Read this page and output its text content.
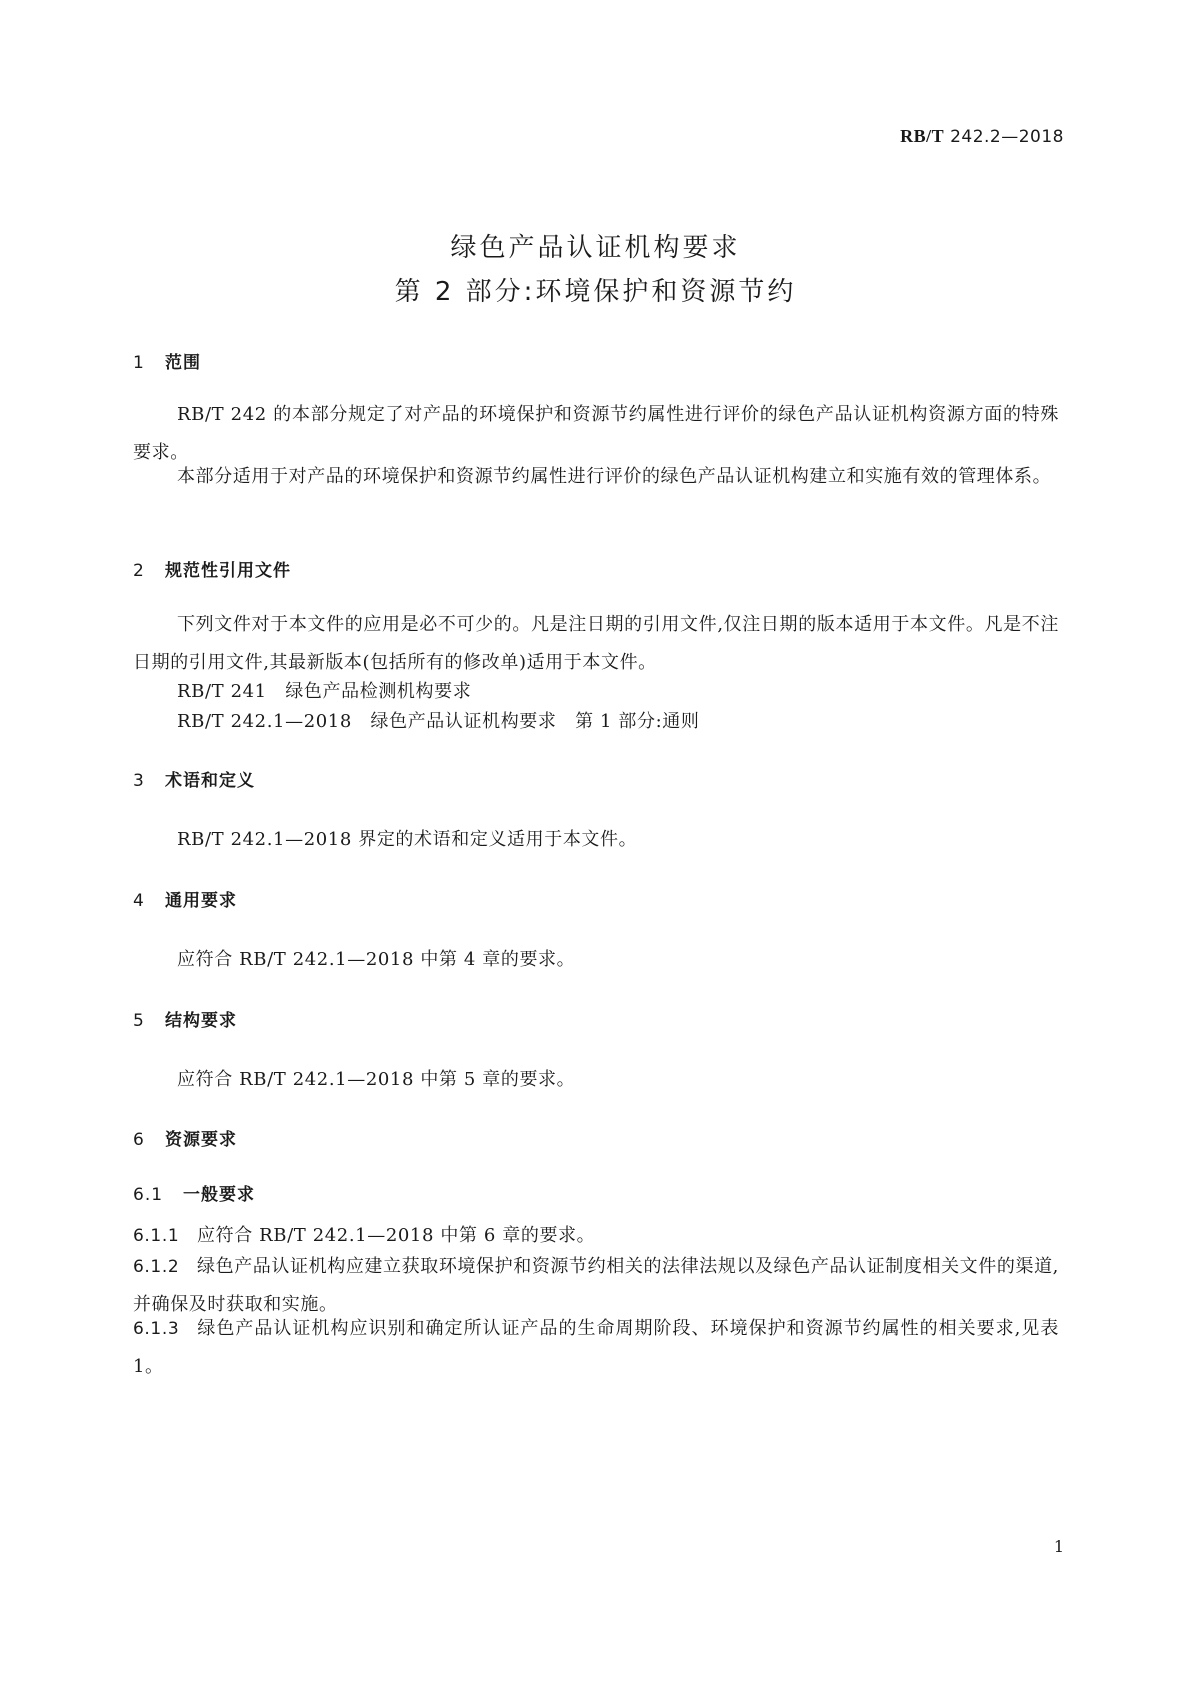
RB/T 242.2—2018
绿色产品认证机构要求
第 2 部分:环境保护和资源节约
1 范围
RB/T 242 的本部分规定了对产品的环境保护和资源节约属性进行评价的绿色产品认证机构资源方面的特殊要求。
本部分适用于对产品的环境保护和资源节约属性进行评价的绿色产品认证机构建立和实施有效的管理体系。
2 规范性引用文件
下列文件对于本文件的应用是必不可少的。凡是注日期的引用文件,仅注日期的版本适用于本文件。凡是不注日期的引用文件,其最新版本(包括所有的修改单)适用于本文件。
RB/T 241　绿色产品检测机构要求
RB/T 242.1—2018　绿色产品认证机构要求　第 1 部分:通则
3 术语和定义
RB/T 242.1—2018 界定的术语和定义适用于本文件。
4 通用要求
应符合 RB/T 242.1—2018 中第 4 章的要求。
5 结构要求
应符合 RB/T 242.1—2018 中第 5 章的要求。
6 资源要求
6.1 一般要求
6.1.1 应符合 RB/T 242.1—2018 中第 6 章的要求。
6.1.2 绿色产品认证机构应建立获取环境保护和资源节约相关的法律法规以及绿色产品认证制度相关文件的渠道,并确保及时获取和实施。
6.1.3 绿色产品认证机构应识别和确定所认证产品的生命周期阶段、环境保护和资源节约属性的相关要求,见表 1。
1
